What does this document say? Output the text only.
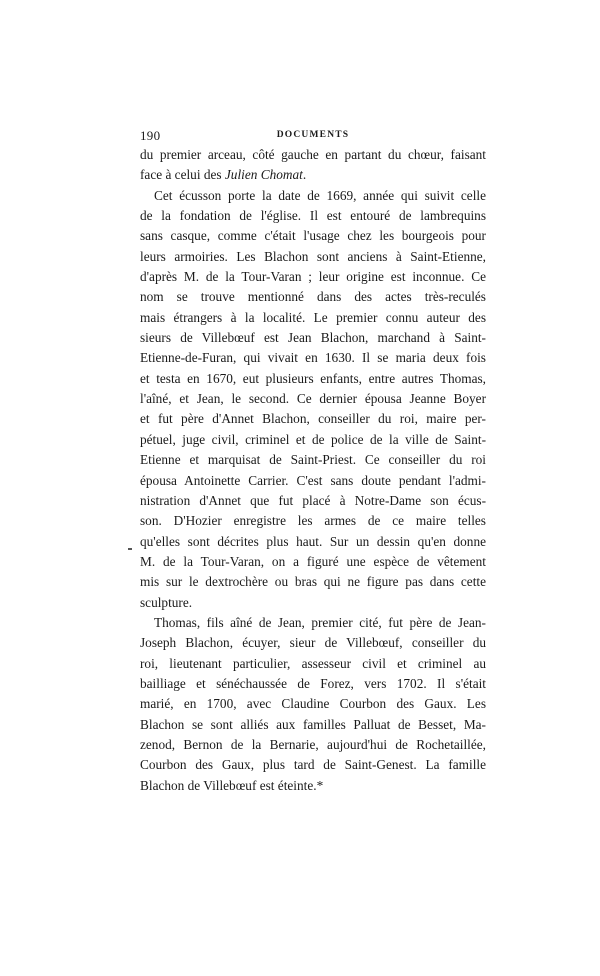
190	DOCUMENTS
du premier arceau, côté gauche en partant du chœur, faisant
face à celui des Julien Chomat.
Cet écusson porte la date de 1669, année qui suivit celle
de la fondation de l'église. Il est entouré de lambrequins
sans casque, comme c'était l'usage chez les bourgeois pour
leurs armoiries. Les Blachon sont anciens à Saint-Etienne,
d'après M. de la Tour-Varan ; leur origine est inconnue. Ce
nom se trouve mentionné dans des actes très-reculés
mais étrangers à la localité. Le premier connu auteur des
sieurs de Villebœuf est Jean Blachon, marchand à Saint-
Etienne-de-Furan, qui vivait en 1630. Il se maria deux fois
et testa en 1670, eut plusieurs enfants, entre autres Thomas,
l'aîné, et Jean, le second. Ce dernier épousa Jeanne Boyer
et fut père d'Annet Blachon, conseiller du roi, maire per-
pétuel, juge civil, criminel et de police de la ville de Saint-
Etienne et marquisat de Saint-Priest. Ce conseiller du roi
épousa Antoinette Carrier. C'est sans doute pendant l'admi-
nistration d'Annet que fut placé à Notre-Dame son écus-
son. D'Hozier enregistre les armes de ce maire telles
qu'elles sont décrites plus haut. Sur un dessin qu'en donne
M. de la Tour-Varan, on a figuré une espèce de vêtement
mis sur le dextrochère ou bras qui ne figure pas dans cette
sculpture.
Thomas, fils aîné de Jean, premier cité, fut père de Jean-
Joseph Blachon, écuyer, sieur de Villebœuf, conseiller du
roi, lieutenant particulier, assesseur civil et criminel au
bailliage et sénéchaussée de Forez, vers 1702. Il s'était
marié, en 1700, avec Claudine Courbon des Gaux. Les
Blachon se sont alliés aux familles Palluat de Besset, Ma-
zenod, Bernon de la Bernarie, aujourd'hui de Rochetaillée,
Courbon des Gaux, plus tard de Saint-Genest. La famille
Blachon de Villebœuf est éteinte.*
